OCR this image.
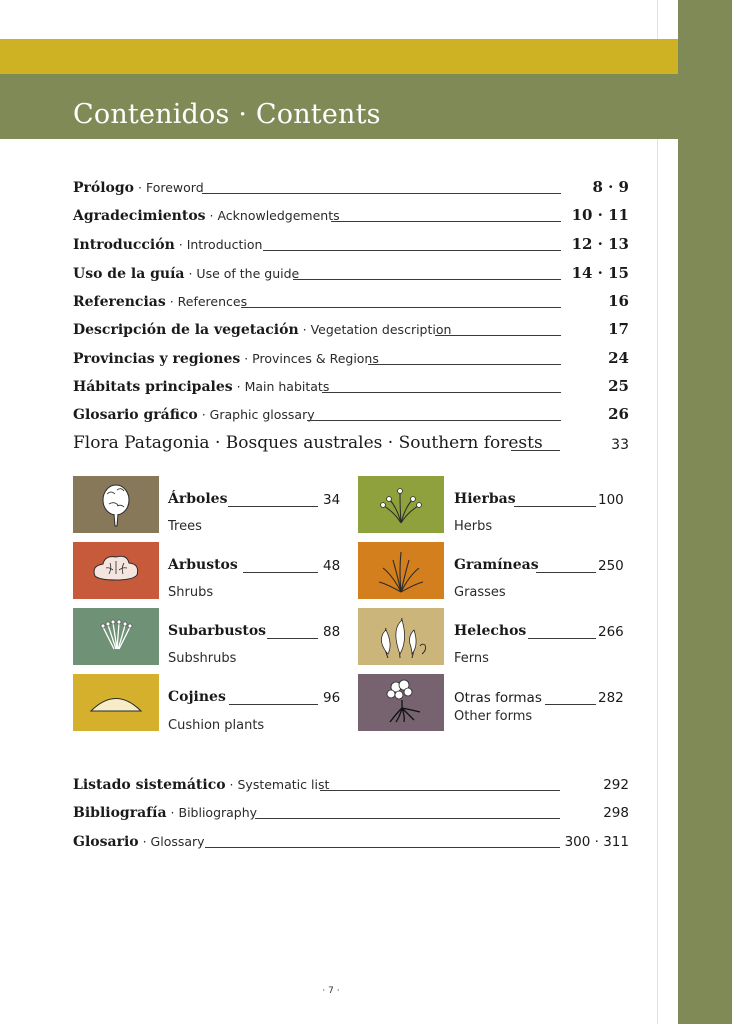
Contenidos · Contents
Prólogo · Foreword	8 · 9
Agradecimientos · Acknowledgements	10 · 11
Introducción · Introduction	12 · 13
Uso de la guía · Use of the guide	14 · 15
Referencias · References	16
Descripción de la vegetación · Vegetation description	17
Provincias y regiones · Provinces & Regions	24
Hábitats principales · Main habitats	25
Glosario gráfico · Graphic glossary	26
Flora Patagonia · Bosques australes · Southern forests	33
Árboles	34
Trees
Arbustos	48
Shrubs
Subarbustos	88
Subshrubs
Cojines	96
Cushion plants
Hierbas	100
Herbs
Gramíneas	250
Grasses
Helechos	266
Ferns
Otras formas	282
Other forms
Listado sistemático · Systematic list	292
Bibliografía · Bibliography	298
Glosario · Glossary	300 · 311
· 7 ·
